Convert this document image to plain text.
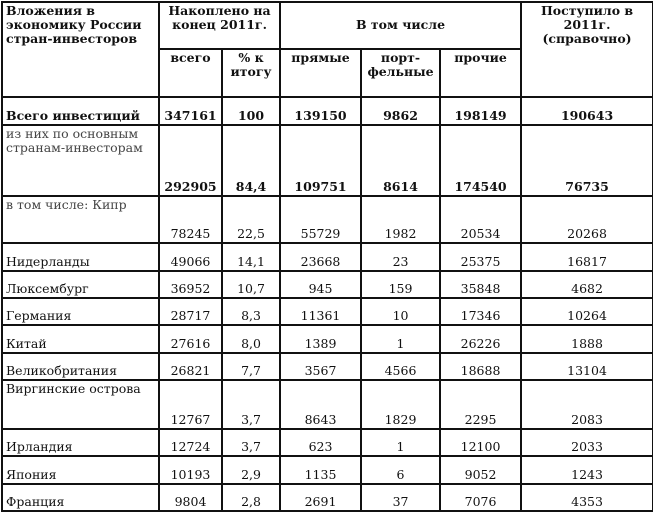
Вложения в экономику России стран-инвесторов	Накоплено на конец 2011г.		В том числе			Поступило в 2011г. (справочно)
	всего	% к итогу	прямые	порт-фельные	прочие	
Всего инвестиций	347161	100	139150	9862	198149	190643
из них по основным странам-инвесторам	292905	84,4	109751	8614	174540	76735
в том числе: Кипр	78245	22,5	55729	1982	20534	20268
Нидерланды	49066	14,1	23668	23	25375	16817
Люксембург	36952	10,7	945	159	35848	4682
Германия	28717	8,3	11361	10	17346	10264
Китай	27616	8,0	1389	1	26226	1888
Великобритания	26821	7,7	3567	4566	18688	13104
Виргинские острова	12767	3,7	8643	1829	2295	2083
Ирландия	12724	3,7	623	1	12100	2033
Япония	10193	2,9	1135	6	9052	1243
Франция	9804	2,8	2691	37	7076	4353
